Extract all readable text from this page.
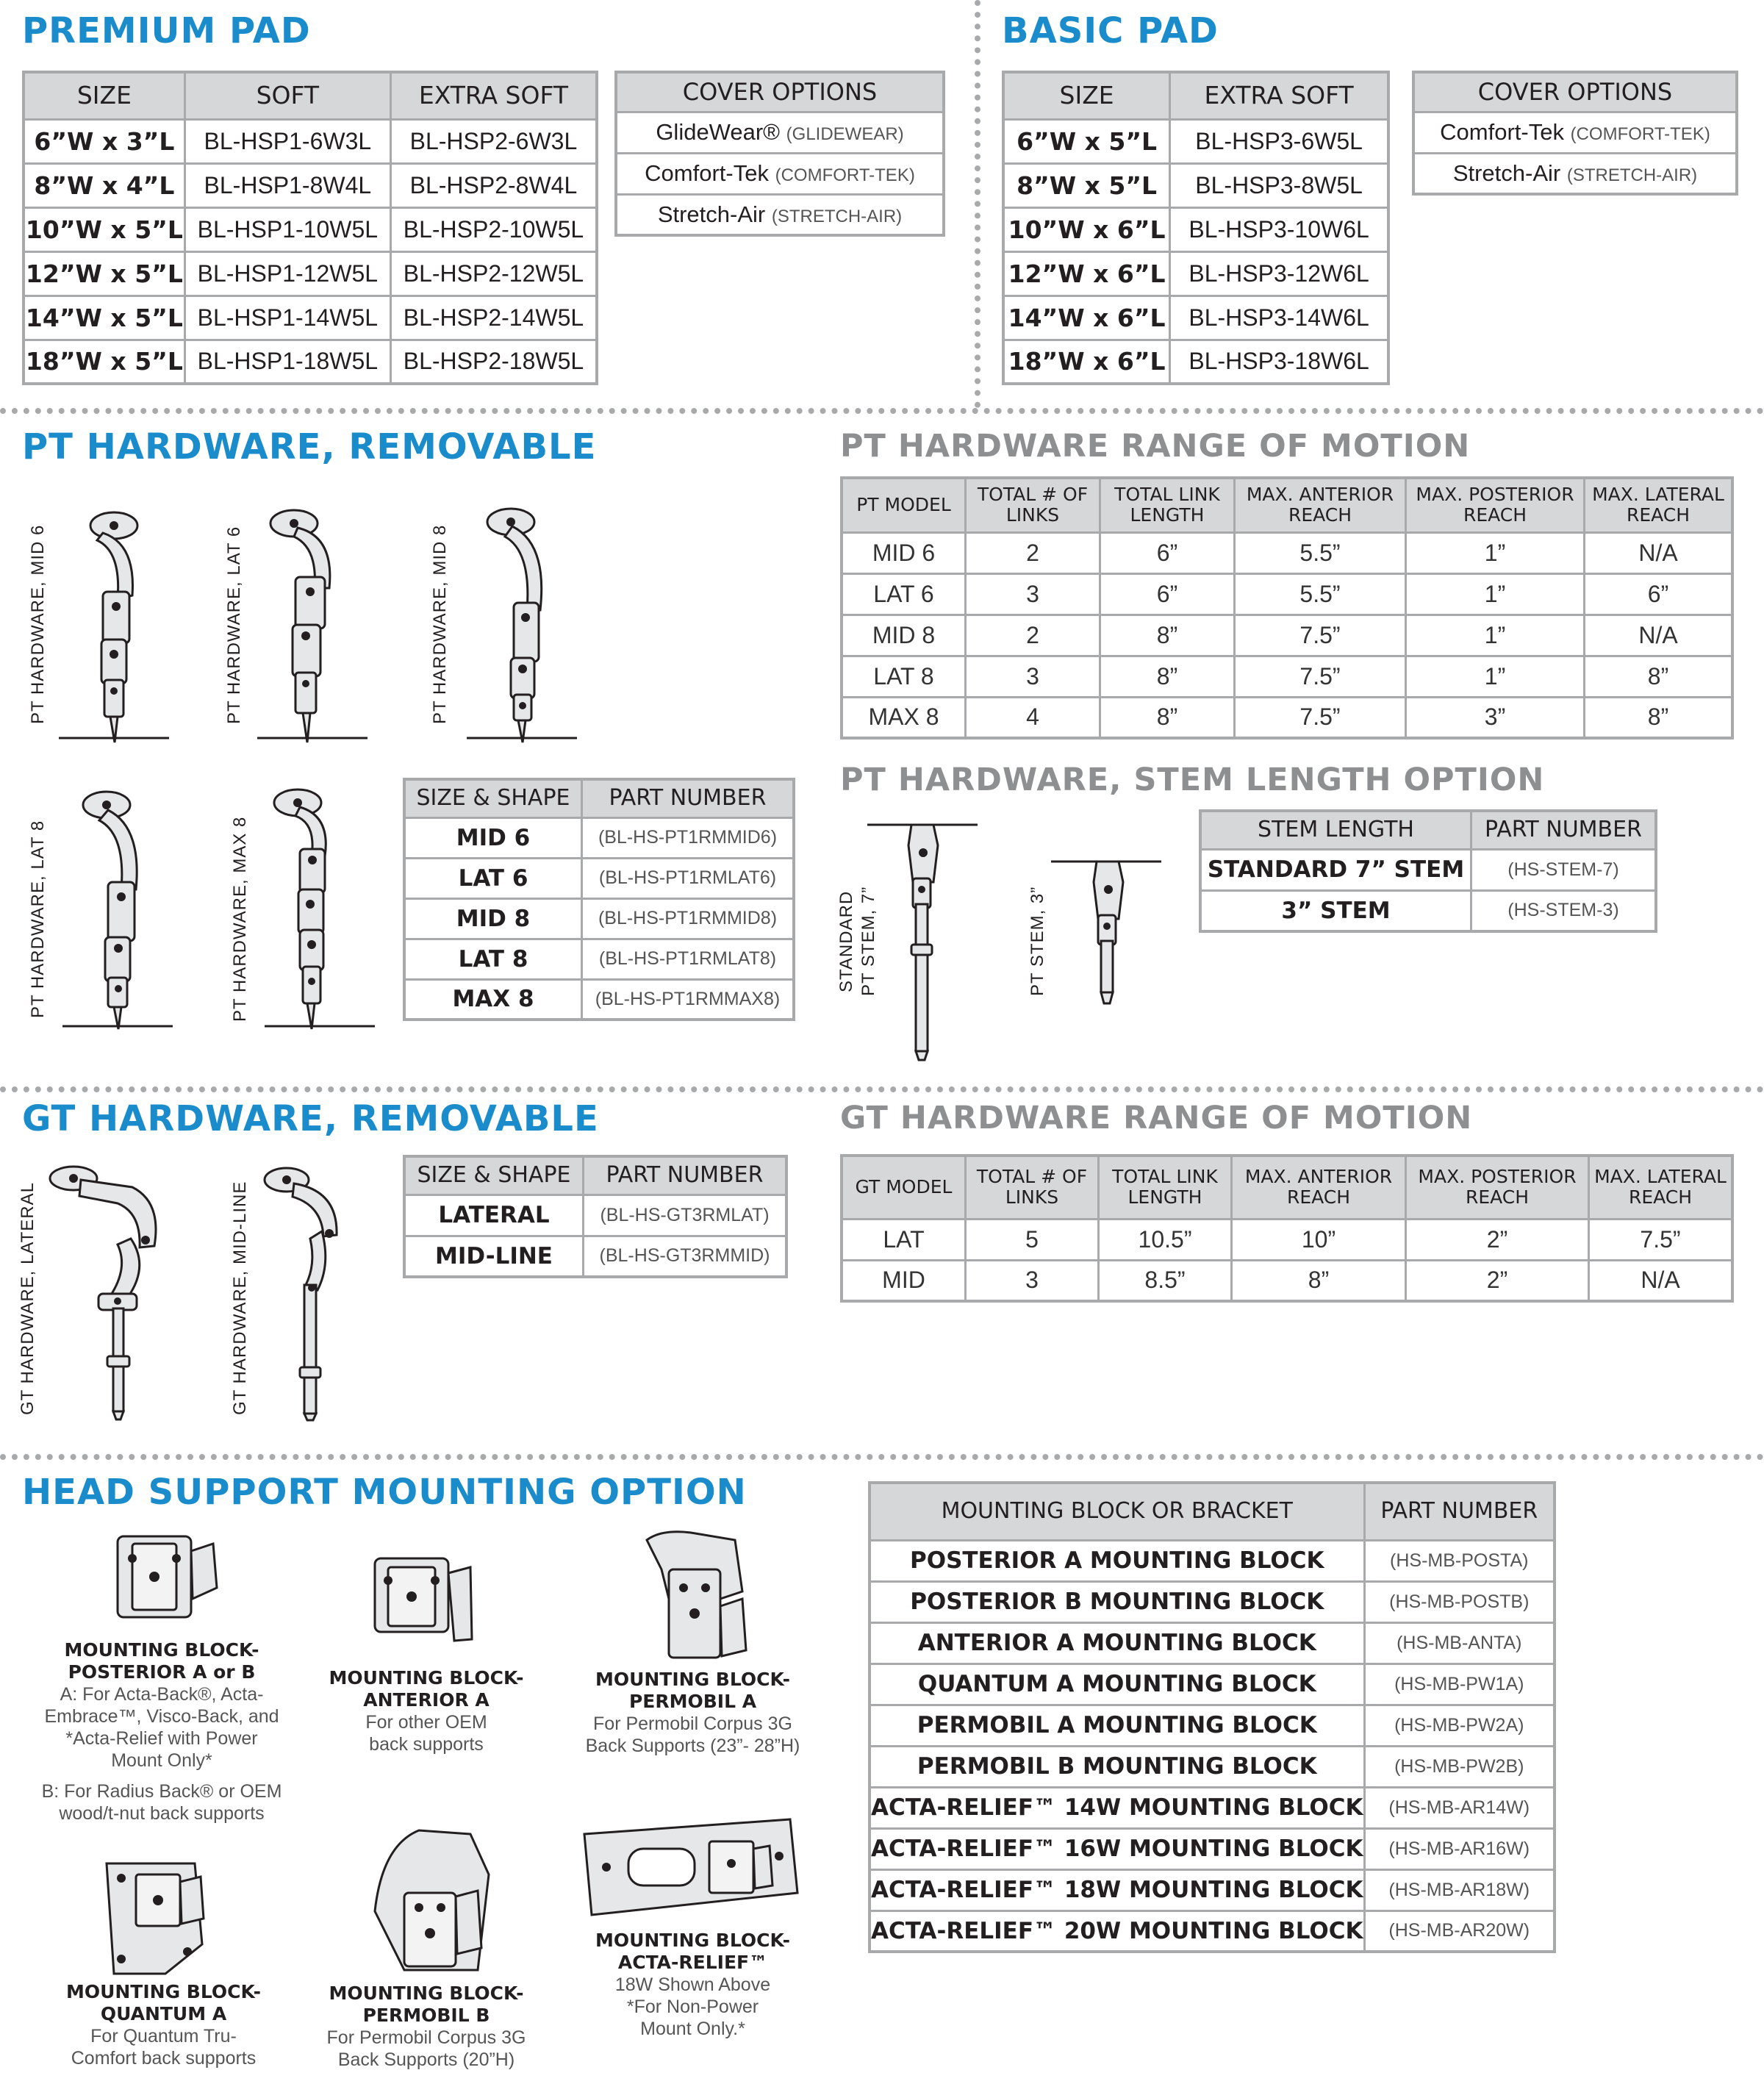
PREMIUM PAD
SIZE	SOFT	EXTRA SOFT
6”W x 3”L	BL-HSP1-6W3L	BL-HSP2-6W3L
8”W x 4”L	BL-HSP1-8W4L	BL-HSP2-8W4L
10”W x 5”L	BL-HSP1-10W5L	BL-HSP2-10W5L
12”W x 5”L	BL-HSP1-12W5L	BL-HSP2-12W5L
14”W x 5”L	BL-HSP1-14W5L	BL-HSP2-14W5L
18”W x 5”L	BL-HSP1-18W5L	BL-HSP2-18W5L
COVER OPTIONS
GlideWear® (GLIDEWEAR)
Comfort-Tek (COMFORT-TEK)
Stretch-Air (STRETCH-AIR)
BASIC PAD
SIZE	EXTRA SOFT
6”W x 5”L	BL-HSP3-6W5L
8”W x 5”L	BL-HSP3-8W5L
10”W x 6”L	BL-HSP3-10W6L
12”W x 6”L	BL-HSP3-12W6L
14”W x 6”L	BL-HSP3-14W6L
18”W x 6”L	BL-HSP3-18W6L
COVER OPTIONS
Comfort-Tek (COMFORT-TEK)
Stretch-Air (STRETCH-AIR)
PT HARDWARE, REMOVABLE
PT HARDWARE, MID 6	PT HARDWARE, LAT 6	PT HARDWARE, MID 8
PT HARDWARE, LAT 8	PT HARDWARE, MAX 8
SIZE & SHAPE	PART NUMBER
MID 6	(BL-HS-PT1RMMID6)
LAT 6	(BL-HS-PT1RMLAT6)
MID 8	(BL-HS-PT1RMMID8)
LAT 8	(BL-HS-PT1RMLAT8)
MAX 8	(BL-HS-PT1RMMAX8)
PT HARDWARE RANGE OF MOTION
PT MODEL	TOTAL # OF LINKS	TOTAL LINK LENGTH	MAX. ANTERIOR REACH	MAX. POSTERIOR REACH	MAX. LATERAL REACH
MID 6	2	6”	5.5”	1”	N/A
LAT 6	3	6”	5.5”	1”	6”
MID 8	2	8”	7.5”	1”	N/A
LAT 8	3	8”	7.5”	1”	8”
MAX 8	4	8”	7.5”	3”	8”
PT HARDWARE, STEM LENGTH OPTION
STANDARD PT STEM, 7”	PT STEM, 3”
STEM LENGTH	PART NUMBER
STANDARD 7” STEM	(HS-STEM-7)
3” STEM	(HS-STEM-3)
GT HARDWARE, REMOVABLE
GT HARDWARE, LATERAL	GT HARDWARE, MID-LINE
SIZE & SHAPE	PART NUMBER
LATERAL	(BL-HS-GT3RMLAT)
MID-LINE	(BL-HS-GT3RMMID)
GT HARDWARE RANGE OF MOTION
GT MODEL	TOTAL # OF LINKS	TOTAL LINK LENGTH	MAX. ANTERIOR REACH	MAX. POSTERIOR REACH	MAX. LATERAL REACH
LAT	5	10.5”	10”	2”	7.5”
MID	3	8.5”	8”	2”	N/A
HEAD SUPPORT MOUNTING OPTION
MOUNTING BLOCK-
POSTERIOR A or B
A: For Acta-Back®, Acta-
Embrace™, Visco-Back, and
*Acta-Relief with Power
Mount Only*
B: For Radius Back® or OEM
wood/t-nut back supports
MOUNTING BLOCK-
ANTERIOR A
For other OEM
back supports
MOUNTING BLOCK-
PERMOBIL A
For Permobil Corpus 3G
Back Supports (23”- 28”H)
MOUNTING BLOCK-
QUANTUM A
For Quantum Tru-
Comfort back supports
MOUNTING BLOCK-
PERMOBIL B
For Permobil Corpus 3G
Back Supports (20”H)
MOUNTING BLOCK-
ACTA-RELIEF™
18W Shown Above
*For Non-Power
Mount Only.*
MOUNTING BLOCK OR BRACKET	PART NUMBER
POSTERIOR A MOUNTING BLOCK	(HS-MB-POSTA)
POSTERIOR B MOUNTING BLOCK	(HS-MB-POSTB)
ANTERIOR A MOUNTING BLOCK	(HS-MB-ANTA)
QUANTUM A MOUNTING BLOCK	(HS-MB-PW1A)
PERMOBIL A MOUNTING BLOCK	(HS-MB-PW2A)
PERMOBIL B MOUNTING BLOCK	(HS-MB-PW2B)
ACTA-RELIEF™ 14W MOUNTING BLOCK	(HS-MB-AR14W)
ACTA-RELIEF™ 16W MOUNTING BLOCK	(HS-MB-AR16W)
ACTA-RELIEF™ 18W MOUNTING BLOCK	(HS-MB-AR18W)
ACTA-RELIEF™ 20W MOUNTING BLOCK	(HS-MB-AR20W)
